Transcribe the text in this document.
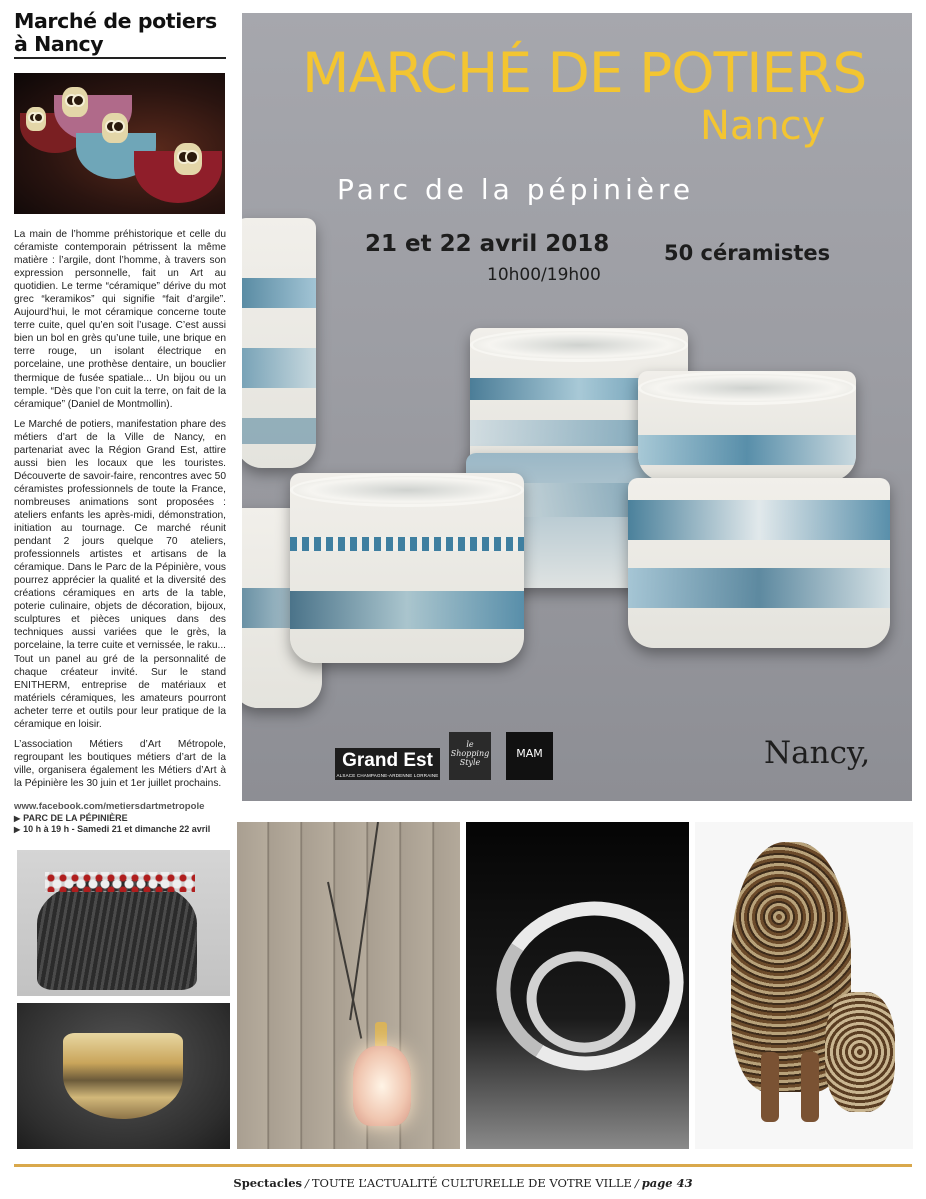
Marché de potiers à Nancy

La main de l’homme préhistorique et celle du céramiste contemporain pétrissent la même matière : l’argile, dont l’homme, à travers son expression personnelle, fait un Art au quotidien. Le terme “céramique” dérive du mot grec “keramikos” qui signifie “fait d’argile”. Aujourd’hui, le mot céramique concerne toute terre cuite, quel qu’en soit l’usage. C’est aussi bien un bol en grès qu’une tuile, une brique en terre rouge, un isolant électrique en porcelaine, une prothèse dentaire, un bouclier thermique de fusée spatiale... Un bijou ou un temple. “Dès que l’on cuit la terre, on fait de la céramique” (Daniel de Montmollin).

Le Marché de potiers, manifestation phare des métiers d’art de la Ville de Nancy, en partenariat avec la Région Grand Est, attire aussi bien les locaux que les touristes. Découverte de savoir-faire, rencontres avec 50 céramistes professionnels de toute la France, nombreuses animations sont proposées : ateliers enfants les après-midi, démonstration, initiation au tournage. Ce marché réunit pendant 2 jours quelque 70 ateliers, professionnels artistes et artisans de la céramique. Dans le Parc de la Pépinière, vous pourrez apprécier la qualité et la diversité des créations céramiques en arts de la table, poterie culinaire, objets de décoration, bijoux, sculptures et pièces uniques dans des techniques aussi variées que le grès, la porcelaine, la terre cuite et vernissée, le raku... Tout un panel au gré de la personnalité de chaque créateur invité. Sur le stand ENITHERM, entreprise de matériaux et matériels céramiques, les amateurs pourront acheter terre et outils pour leur pratique de la céramique en loisir.

L’association Métiers d’Art Métropole, regroupant les boutiques métiers d’art de la ville, organisera également les Métiers d’Art à la Pépinière les 30 juin et 1er juillet prochains.

www.facebook.com/metiersdartmetropole
▶ PARC DE LA PÉPINIÈRE
▶ 10 h à 19 h - Samedi 21 et dimanche 22 avril
MARCHÉ DE POTIERS
Nancy
Parc de la pépinière
21 et 22 avril 2018
10h00/19h00
50 céramistes
Grand Est
ALSACE CHAMPAGNE-ARDENNE LORRAINE
le Shopping Style
MAM	Nancy,
Spectacles / TOUTE L’ACTUALITÉ CULTURELLE DE VOTRE VILLE / page 43
